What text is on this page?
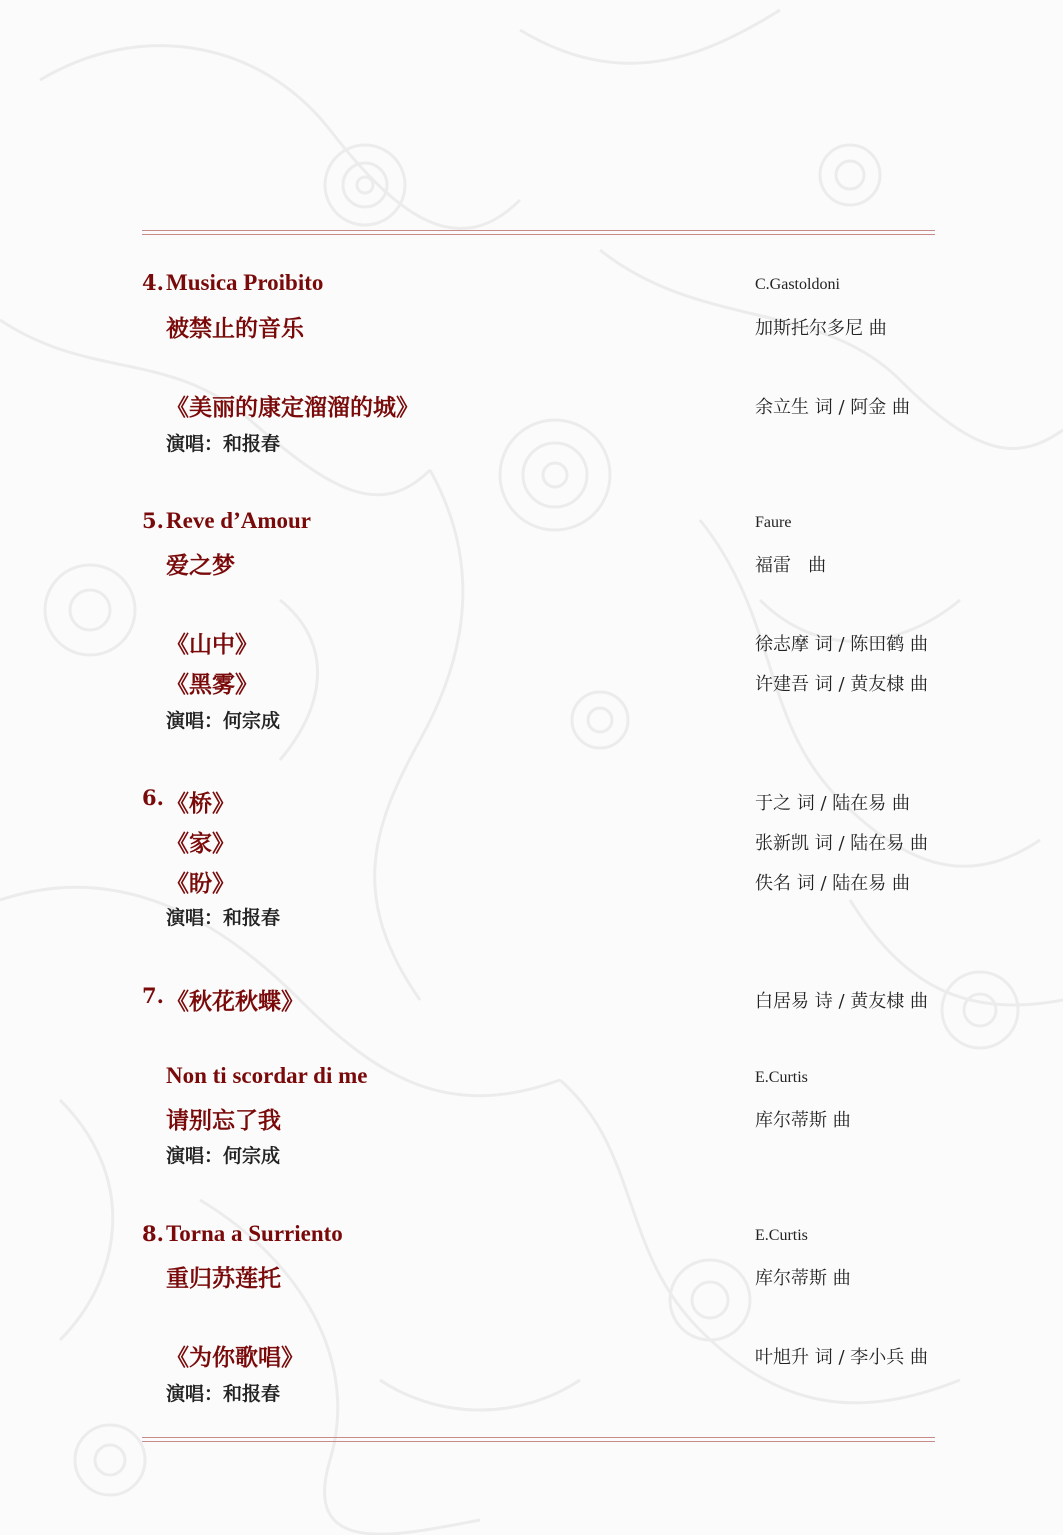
4. Musica Proibito	C.Gastoldoni
被禁止的音乐	加斯托尔多尼 曲
《美丽的康定溜溜的城》	余立生 词 / 阿金 曲
演唱：和报春
5. Reve d’Amour	Faure
爱之梦	福雷   曲
《山中》	徐志摩 词 / 陈田鹤 曲
《黑雾》	许建吾 词 / 黄友棣 曲
演唱：何宗成
6. 《桥》	于之 词 / 陆在易 曲
《家》	张新凯 词 / 陆在易 曲
《盼》	佚名 词 / 陆在易 曲
演唱：和报春
7. 《秋花秋蝶》	白居易 诗 / 黄友棣 曲
Non ti scordar di me	E.Curtis
请别忘了我	库尔蒂斯 曲
演唱：何宗成
8. Torna a Surriento	E.Curtis
重归苏莲托	库尔蒂斯 曲
《为你歌唱》	叶旭升 词 / 李小兵 曲
演唱：和报春
